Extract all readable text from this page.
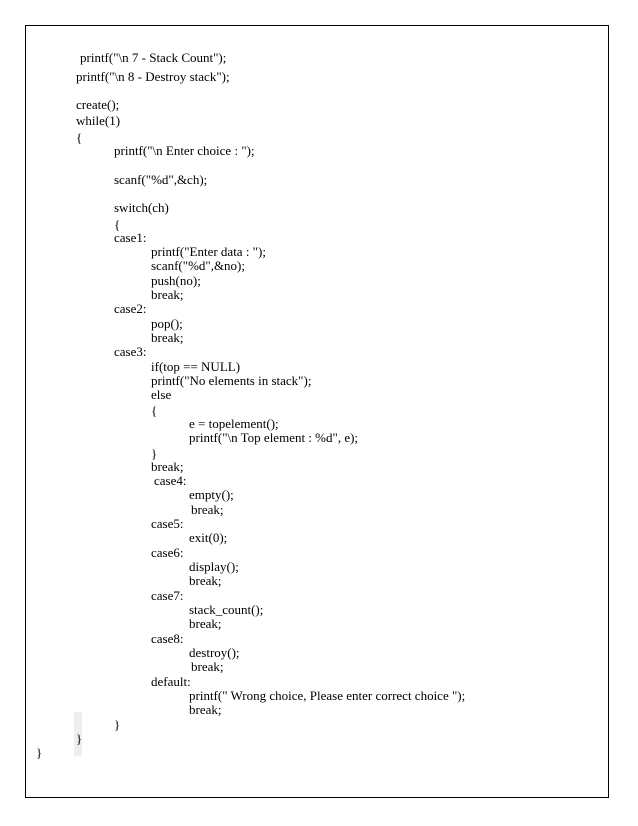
printf("\n 7 - Stack Count");
printf("\n 8 - Destroy stack");
create();
while(1)
{
printf("\n Enter choice : ");
scanf("%d",&ch);
switch(ch)
{
case1:
printf("Enter data : ");
scanf("%d",&no);
push(no);
break;
case2:
pop();
break;
case3:
if(top == NULL)
printf("No elements in stack");
else
{
e = topelement();
printf("\n Top element : %d", e);
}
break;
case4:
empty();
break;
case5:
exit(0);
case6:
display();
break;
case7:
stack_count();
break;
case8:
destroy();
break;
default:
printf(" Wrong choice, Please enter correct choice ");
break;
}
}
}
